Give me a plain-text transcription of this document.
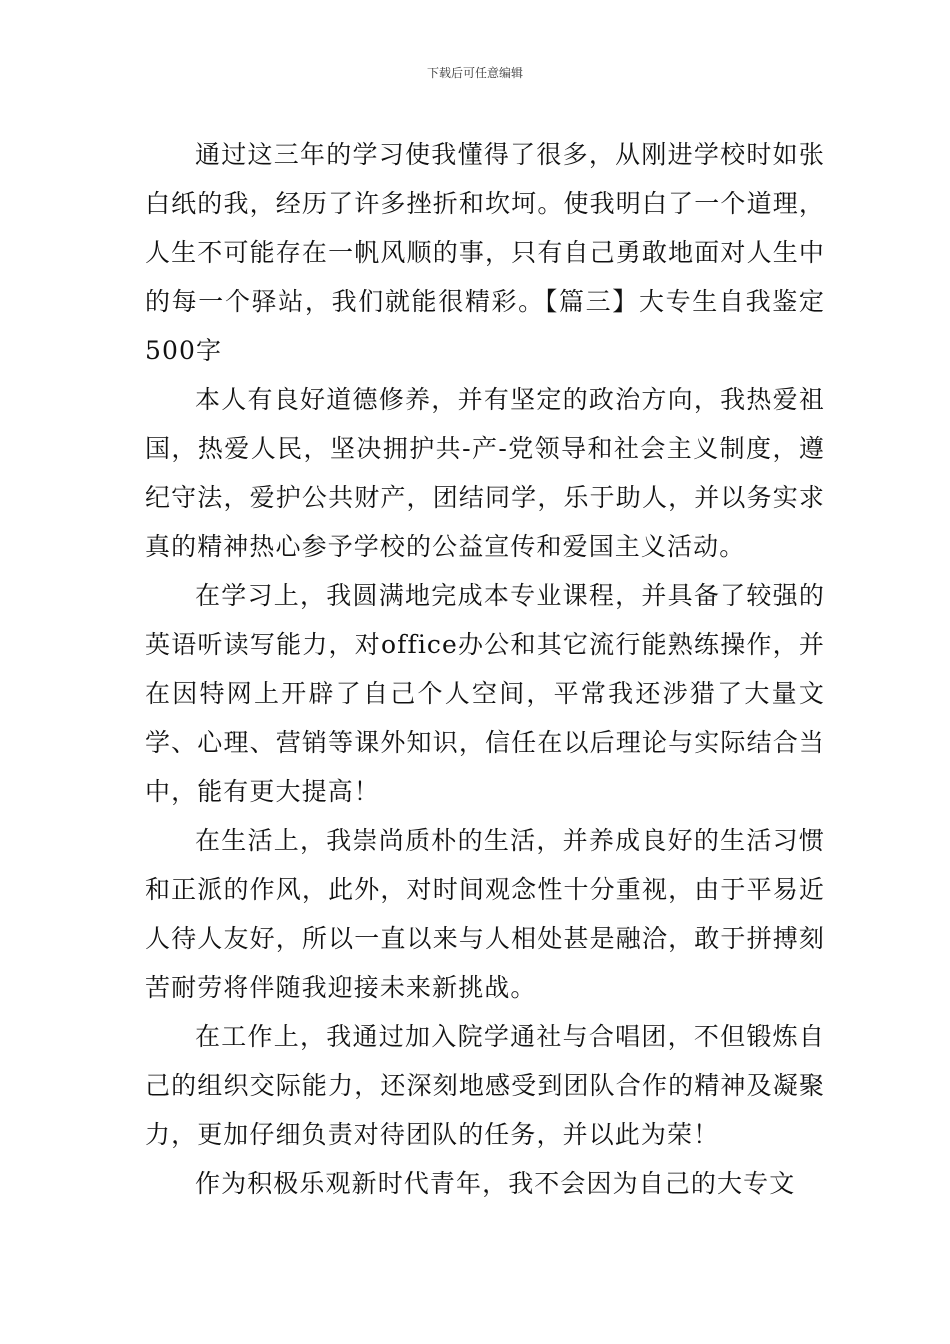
下载后可任意编辑

通过这三年的学习使我懂得了很多，从刚进学校时如张白纸的我，经历了许多挫折和坎坷。使我明白了一个道理，人生不可能存在一帆风顺的事，只有自己勇敢地面对人生中的每一个驿站，我们就能很精彩。【篇三】大专生自我鉴定500字

本人有良好道德修养，并有坚定的政治方向，我热爱祖国，热爱人民，坚决拥护共-产-党领导和社会主义制度，遵纪守法，爱护公共财产，团结同学，乐于助人，并以务实求真的精神热心参予学校的公益宣传和爱国主义活动。

在学习上，我圆满地完成本专业课程，并具备了较强的英语听读写能力，对office办公和其它流行能熟练操作，并在因特网上开辟了自己个人空间，平常我还涉猎了大量文学、心理、营销等课外知识，信任在以后理论与实际结合当中，能有更大提高！

在生活上，我崇尚质朴的生活，并养成良好的生活习惯和正派的作风，此外，对时间观念性十分重视，由于平易近人待人友好，所以一直以来与人相处甚是融洽，敢于拼搏刻苦耐劳将伴随我迎接未来新挑战。

在工作上，我通过加入院学通社与合唱团，不但锻炼自己的组织交际能力，还深刻地感受到团队合作的精神及凝聚力，更加仔细负责对待团队的任务，并以此为荣！

作为积极乐观新时代青年，我不会因为自己的大专文
